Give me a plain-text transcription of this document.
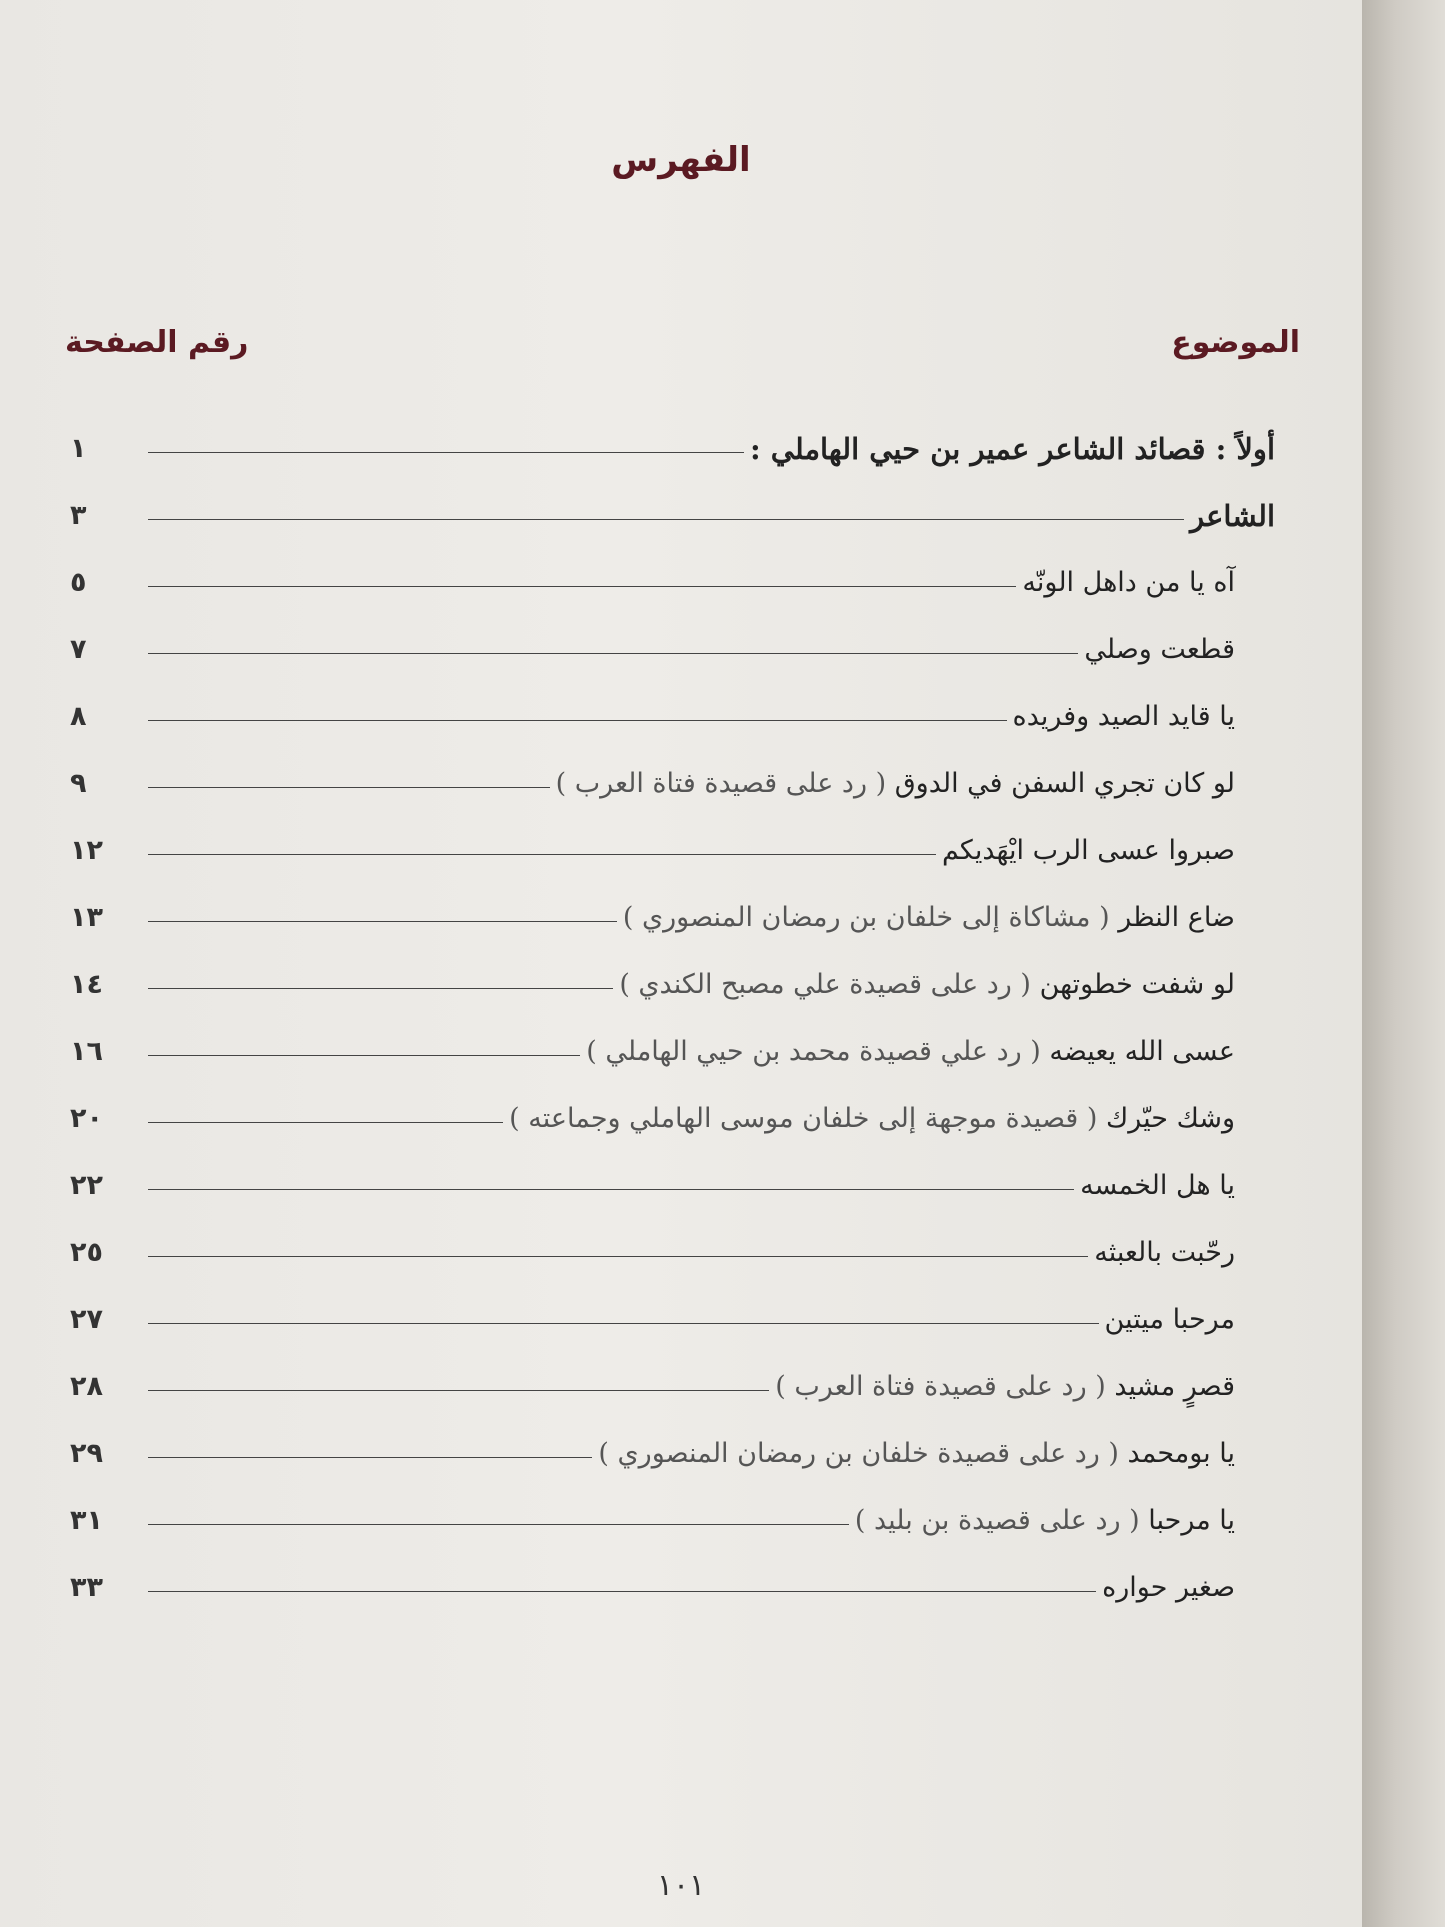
الفهرس
الموضوع
رقم الصفحة
أولاً : قصائد الشاعر عمير بن حيي الهاملي :
١
الشاعر
٣
آه يا من داهل الونّه
٥
قطعت وصلي
٧
يا قايد الصيد وفريده
٨
لو كان تجري السفن في الدوق ( رد على قصيدة فتاة العرب )
٩
صبروا عسى الرب ايْهَديكم
١٢
ضاع النظر ( مشاكاة إلى خلفان بن رمضان المنصوري )
١٣
لو شفت خطوتهن ( رد على قصيدة علي مصبح الكندي )
١٤
عسى الله يعيضه ( رد علي قصيدة محمد بن حيي الهاملي )
١٦
وشك حيّرك ( قصيدة موجهة إلى خلفان موسى الهاملي وجماعته )
٢٠
يا هل الخمسه
٢٢
رحّبت بالعبثه
٢٥
مرحبا ميتين
٢٧
قصرٍ مشيد ( رد على قصيدة فتاة العرب )
٢٨
يا بومحمد ( رد على قصيدة خلفان بن رمضان المنصوري )
٢٩
يا مرحبا ( رد على قصيدة بن بليد )
٣١
صغير حواره
٣٣
١٠١
